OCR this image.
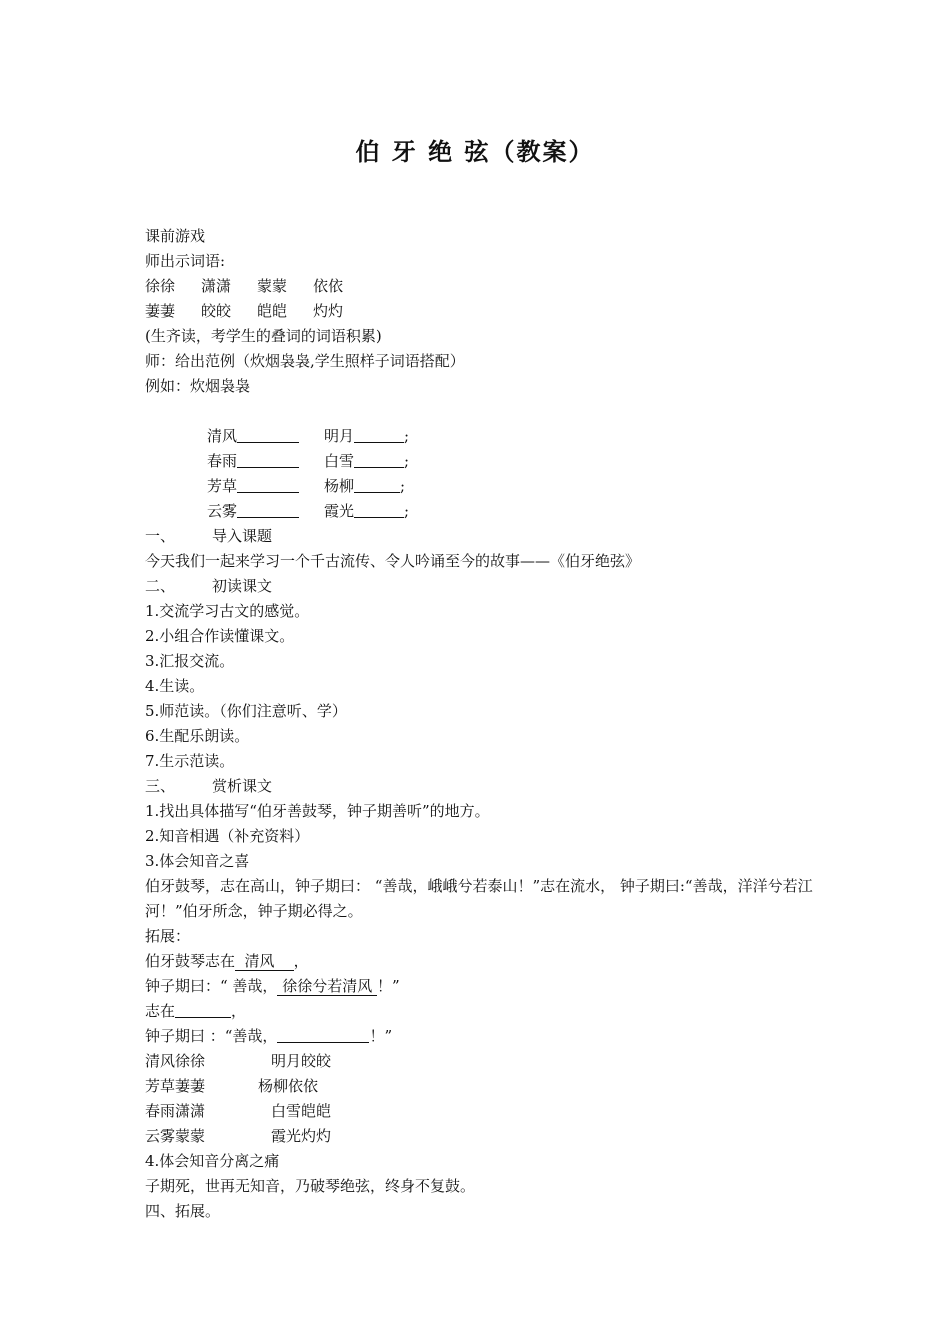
伯 牙 绝 弦（教案）
课前游戏
师出示词语:
徐徐 潇潇 蒙蒙 依依
萋萋 皎皎 皑皑 灼灼
(生齐读，考学生的叠词的词语积累)
师：给出范例（炊烟袅袅,学生照样子词语搭配）
例如：炊烟袅袅
清风	明月	;
春雨	白雪	;
芳草	杨柳	;
云雾	霞光	;
一、 导入课题
今天我们一起来学习一个千古流传、令人吟诵至今的故事——《伯牙绝弦》
二、 初读课文
1.交流学习古文的感觉。
2.小组合作读懂课文。
3.汇报交流。
4.生读。
5.师范读。（你们注意听、学）
6.生配乐朗读。
7.生示范读。
三、 赏析课文
1.找出具体描写“伯牙善鼓琴，钟子期善听”的地方。
2.知音相遇（补充资料）
3.体会知音之喜
伯牙鼓琴，志在高山，钟子期曰： “善哉，峨峨兮若泰山！”志在流水， 钟子期曰:“善哉，洋洋兮若江河！”伯牙所念，钟子期必得之。
拓展：
伯牙鼓琴志在  清风    ，
钟子期曰：“ 善哉， 徐徐兮若清风 ！”
志在	，
钟子期曰 ：“善哉，	！”
清风徐徐	明月皎皎
芳草萋萋	杨柳依依
春雨潇潇	白雪皑皑
云雾蒙蒙	霞光灼灼
4.体会知音分离之痛
子期死，世再无知音，乃破琴绝弦，终身不复鼓。
四、拓展。
